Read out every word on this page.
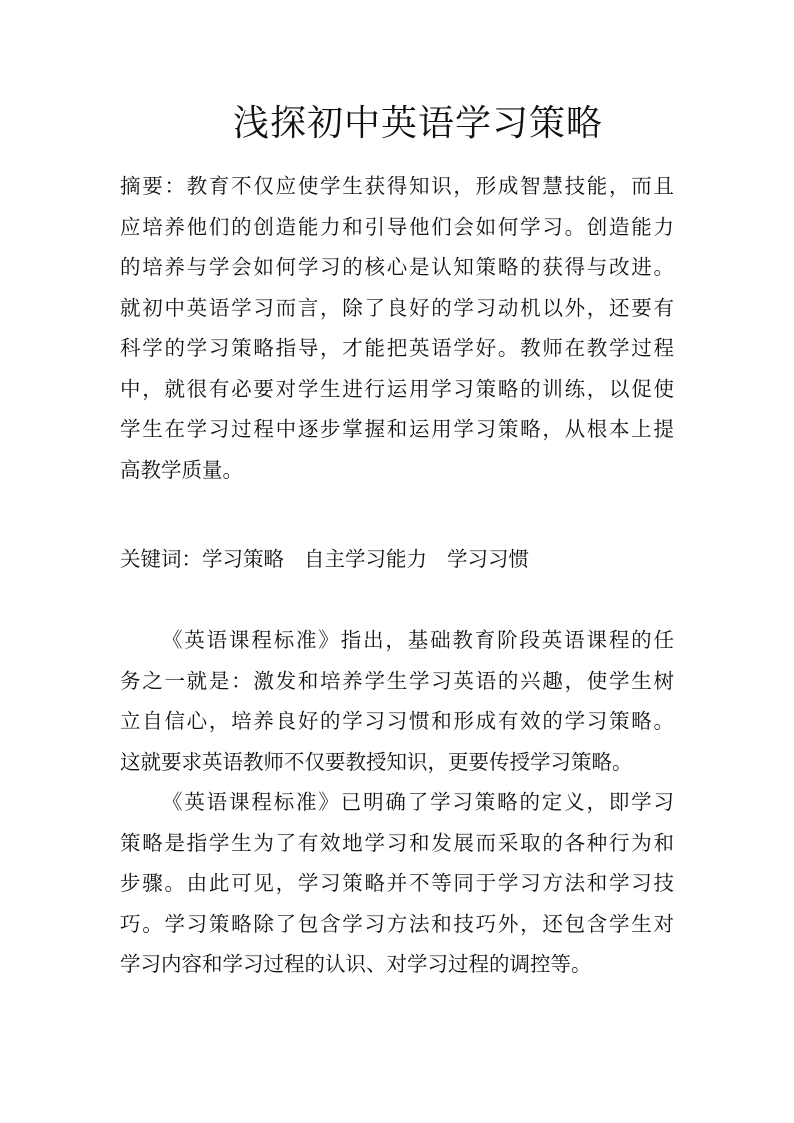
浅探初中英语学习策略
摘要：教育不仅应使学生获得知识，形成智慧技能，而且
应培养他们的创造能力和引导他们会如何学习。创造能力
的培养与学会如何学习的核心是认知策略的获得与改进。
就初中英语学习而言，除了良好的学习动机以外，还要有
科学的学习策略指导，才能把英语学好。教师在教学过程
中，就很有必要对学生进行运用学习策略的训练，以促使
学生在学习过程中逐步掌握和运用学习策略，从根本上提
高教学质量。
关键词：学习策略 自主学习能力 学习习惯
《英语课程标准》指出，基础教育阶段英语课程的任
务之一就是：激发和培养学生学习英语的兴趣，使学生树
立自信心，培养良好的学习习惯和形成有效的学习策略。
这就要求英语教师不仅要教授知识，更要传授学习策略。
《英语课程标准》已明确了学习策略的定义，即学习
策略是指学生为了有效地学习和发展而采取的各种行为和
步骤。由此可见，学习策略并不等同于学习方法和学习技
巧。学习策略除了包含学习方法和技巧外，还包含学生对
学习内容和学习过程的认识、对学习过程的调控等。
